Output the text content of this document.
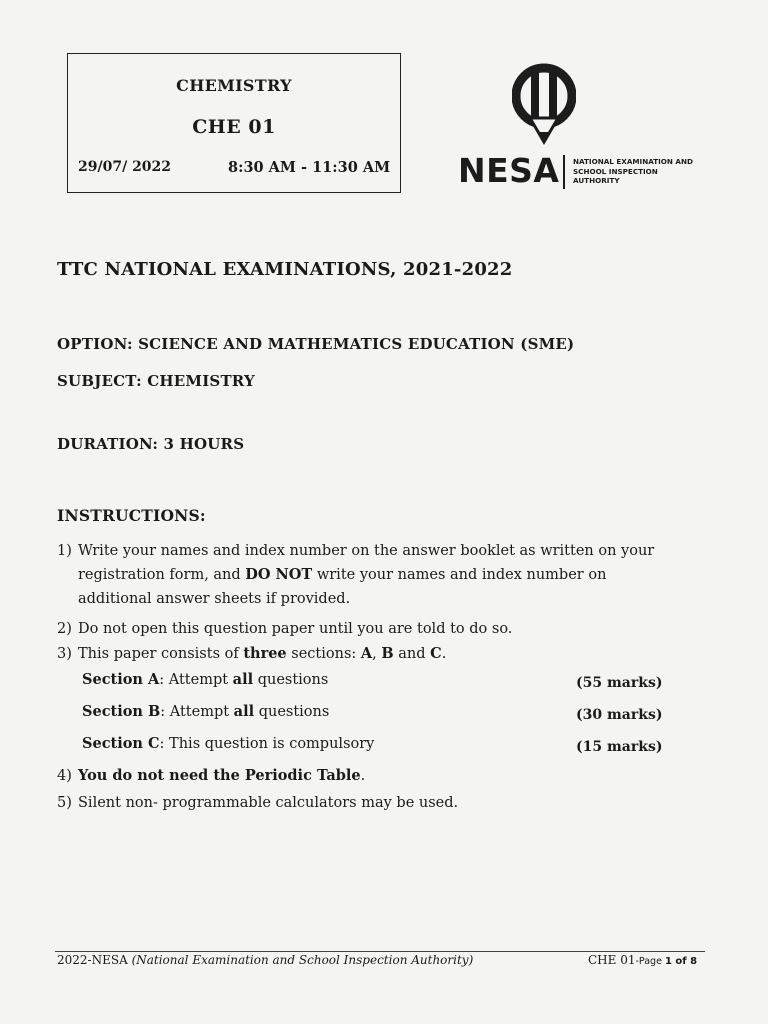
CHEMISTRY
CHE 01
29/07/ 2022	8:30 AM - 11:30 AM NESA NATIONAL EXAMINATION AND
SCHOOL INSPECTION
AUTHORITY
TTC NATIONAL EXAMINATIONS, 2021-2022
OPTION: SCIENCE AND MATHEMATICS EDUCATION (SME)
SUBJECT: CHEMISTRY
DURATION: 3 HOURS
INSTRUCTIONS:
1) Write your names and index number on the answer booklet as written on your
registration form, and DO NOT write your names and index number on
additional answer sheets if provided.
2) Do not open this question paper until you are told to do so.
3) This paper consists of three sections: A, B and C.
Section A: Attempt all questions	(55 marks)
Section B: Attempt all questions	(30 marks)
Section C: This question is compulsory	(15 marks)
4) You do not need the Periodic Table.
5) Silent non- programmable calculators may be used.
2022-NESA (National Examination and School Inspection Authority)	CHE 01-Page 1 of 8
